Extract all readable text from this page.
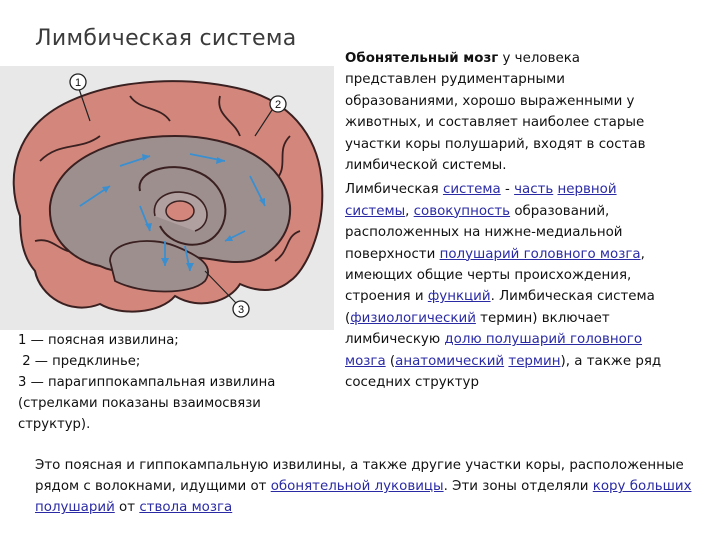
Лимбическая система
1
2
3
1 — поясная извилина;
2 — предклинье;
3 — парагиппокампальная извилина
(стрелками показаны взаимосвязи
структур).

Обонятельный мозг у человека представлен рудиментарными образованиями, хорошо выраженными у животных, и составляет наиболее старые участки коры полушарий, входят в состав лимбической системы.

Лимбическая система - часть нервной системы, совокупность образований, расположенных на нижне-медиальной поверхности полушарий головного мозга, имеющих общие черты происхождения, строения и функций. Лимбическая система (физиологический термин) включает лимбическую долю полушарий головного мозга (анатомический термин), а также ряд соседних структур

Это поясная и гиппокампальную извилины, а также другие участки коры, расположенные рядом с волокнами, идущими от обонятельной луковицы. Эти зоны отделяли кору больших полушарий от ствола мозга
